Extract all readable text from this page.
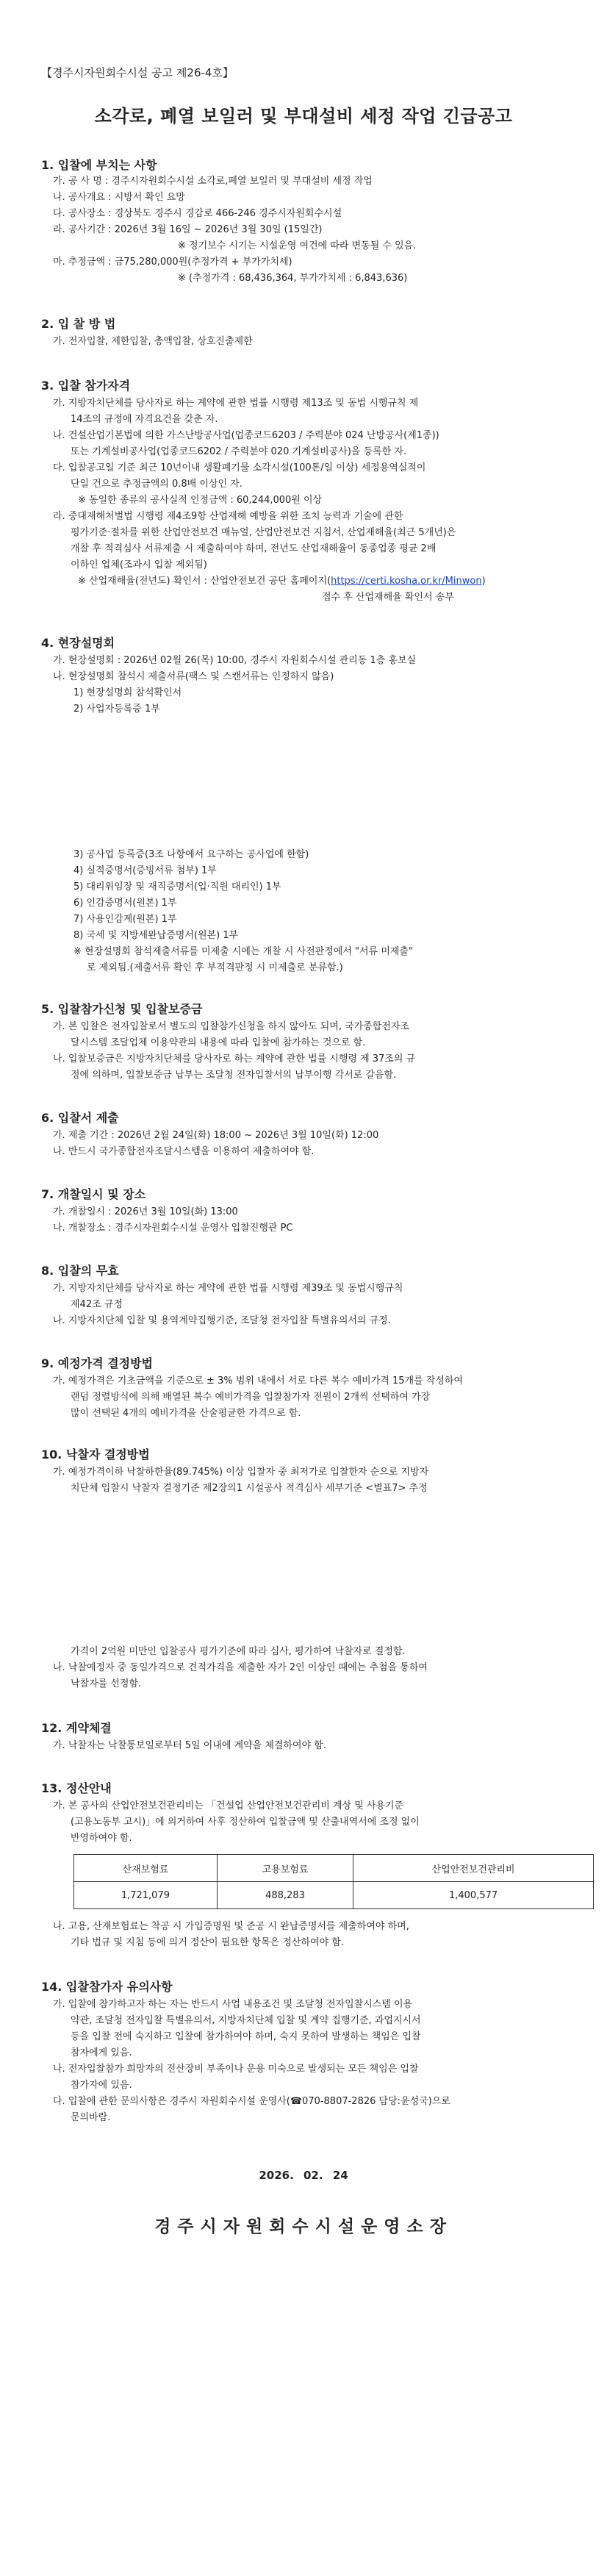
【경주시자원회수시설 공고 제26-4호】
소각로, 폐열 보일러 및 부대설비 세정 작업 긴급공고
1. 입찰에 부치는 사항
가. 공 사 명 : 경주시자원회수시설 소각로,폐열 보일러 및 부대설비 세정 작업
나. 공사개요 : 시방서 확인 요망
다. 공사장소 : 경상북도 경주시 경감로 466-246 경주시자원회수시설
라. 공사기간 : 2026년 3월 16일 ~ 2026년 3월 30일 (15일간)
※ 정기보수 시기는 시설운영 여건에 따라 변동될 수 있음.
마. 추정금액 : 금75,280,000원(추정가격 + 부가가치세)
※ (추정가격 : 68,436,364, 부가가치세 : 6,843,636)
2. 입 찰 방 법
가. 전자입찰, 제한입찰, 총액입찰, 상호진출제한
3. 입찰 참가자격
가. 지방자치단체를 당사자로 하는 계약에 관한 법률 시행령 제13조 및 동법 시행규칙 제
14조의 규정에 자격요건을 갖춘 자.
나. 건설산업기본법에 의한 가스난방공사업(업종코드6203 / 주력분야 024 난방공사(제1종))
또는 기계설비공사업(업종코드6202 / 주력분야 020 기계설비공사)을 등록한 자.
다. 입찰공고일 기준 최근 10년이내 생활폐기물 소각시설(100톤/일 이상) 세정용역실적이
단일 건으로 추정금액의 0.8배 이상인 자.
※ 동일한 종류의 공사실적 인정금액 : 60,244,000원 이상
라. 중대재해처벌법 시행령 제4조9항 산업재해 예방을 위한 조치 능력과 기술에 관한
평가기준·절차를 위한 산업안전보건 매뉴얼, 산업안전보건 지침서, 산업재해율(최근 5개년)은
개찰 후 적격심사 서류제출 시 제출하여야 하며, 전년도 산업재해율이 동종업종 평균 2배
이하인 업체(조과시 입찰 제외됨)
※ 산업재해율(전년도) 확인서 : 산업안전보건 공단 홈페이지(https://certi.kosha.or.kr/Minwon)
접수 후 산업재해율 확인서 송부
4. 현장설명회
가. 현장설명회 : 2026년 02월 26(목) 10:00, 경주시 자원회수시설 관리동 1층 홍보실
나. 현장설명회 참석시 제출서류(팩스 및 스캔서류는 인정하지 않음)
1) 현장설명회 참석확인서
2) 사업자등록증 1부
3) 공사업 등록증(3조 나항에서 요구하는 공사업에 한함)
4) 실적증명서(증빙서류 첨부) 1부
5) 대리위임장 및 재직증명서(입·직원 대리인) 1부
6) 인감증명서(원본) 1부
7) 사용인감계(원본) 1부
8) 국세 및 지방세완납증명서(원본) 1부
※ 현장설명회 참석제출서류를 미제출 시에는 개찰 시 사전판정에서 "서류 미제출"
로 제외됨.(제출서류 확인 후 부적격판정 시 미제출로 분류함.)
5. 입찰참가신청 및 입찰보증금
가. 본 입찰은 전자입찰로서 별도의 입찰참가신청을 하지 않아도 되며, 국가종합전자조
달시스템 조달업체 이용약관의 내용에 따라 입찰에 참가하는 것으로 함.
나. 입찰보증금은 지방자치단체를 당사자로 하는 계약에 관한 법률 시행령 제 37조의 규
정에 의하며, 입찰보증금 납부는 조달청 전자입찰서의 납부이행 각서로 갈음함.
6. 입찰서 제출
가. 제출 기간 : 2026년 2월 24일(화) 18:00 ~ 2026년 3월 10일(화) 12:00
나. 반드시 국가종합전자조달시스템을 이용하여 제출하여야 함.
7. 개찰일시 및 장소
가. 개찰일시 : 2026년 3월 10일(화) 13:00
나. 개찰장소 : 경주시자원회수시설 운영사 입찰진행관 PC
8. 입찰의 무효
가. 지방자치단체를 당사자로 하는 계약에 관한 법률 시행령 제39조 및 동법시행규칙
제42조 규정
나. 지방자치단체 입찰 및 용역계약집행기준, 조달청 전자입찰 특별유의서의 규정.
9. 예정가격 결정방법
가. 예정가격은 기초금액을 기준으로 ± 3% 범위 내에서 서로 다른 복수 예비가격 15개를 작성하여
랜덤 정렬방식에 의해 배열된 복수 예비가격을 입찰참가자 전원이 2개씩 선택하여 가장
많이 선택된 4개의 예비가격을 산술평균한 가격으로 함.
10. 낙찰자 결정방법
가. 예정가격이하 낙찰하한율(89.745%) 이상 입찰자 중 최저가로 입찰한자 순으로 지방자
치단체 입찰시 낙찰자 결정기준 제2장의1 시설공사 적격심사 세부기준 <별표7> 추정
가격이 2억원 미만인 입찰공사 평가기준에 따라 심사, 평가하여 낙찰자로 결정함.
나. 낙찰예정자 중 동일가격으로 견적가격을 제출한 자가 2인 이상인 때에는 추첨을 통하여
낙찰자를 선정함.
12. 계약체결
가. 낙찰자는 낙찰통보일로부터 5일 이내에 계약을 체결하여야 함.
13. 정산안내
가. 본 공사의 산업안전보건관리비는 「건설업 산업안전보건관리비 계상 및 사용기준
(고용노동부 고시)」에 의거하여 사후 정산하여 입찰금액 및 산출내역서에 조정 없이
반영하여야 함.
산재보험료	고용보험료	산업안전보건관리비
1,721,079	488,283	1,400,577
나. 고용, 산재보험료는 착공 시 가입증명원 및 준공 시 완납증명서를 제출하여야 하며,
기타 법규 및 지침 등에 의거 정산이 필요한 항목은 정산하여야 함.
14. 입찰참가자 유의사항
가. 입찰에 참가하고자 하는 자는 반드시 사업 내용조건 및 조달청 전자입찰시스템 이용
약관, 조달청 전자입찰 특별유의서, 지방자치단체 입찰 및 계약 집행기준, 과업지시서
등을 입찰 전에 숙지하고 입찰에 참가하여야 하며, 숙지 못하여 발생하는 책임은 입찰
참자에게 있음.
나. 전자입찰참가 희망자의 전산장비 부족이나 운용 미숙으로 발생되는 모든 책임은 입찰
참가자에 있음.
다. 입찰에 관한 문의사항은 경주시 자원회수시설 운영사(☎070-8807-2826 담당:윤성국)으로
문의바람.
2026. 02. 24
경주시자원회수시설운영소장
